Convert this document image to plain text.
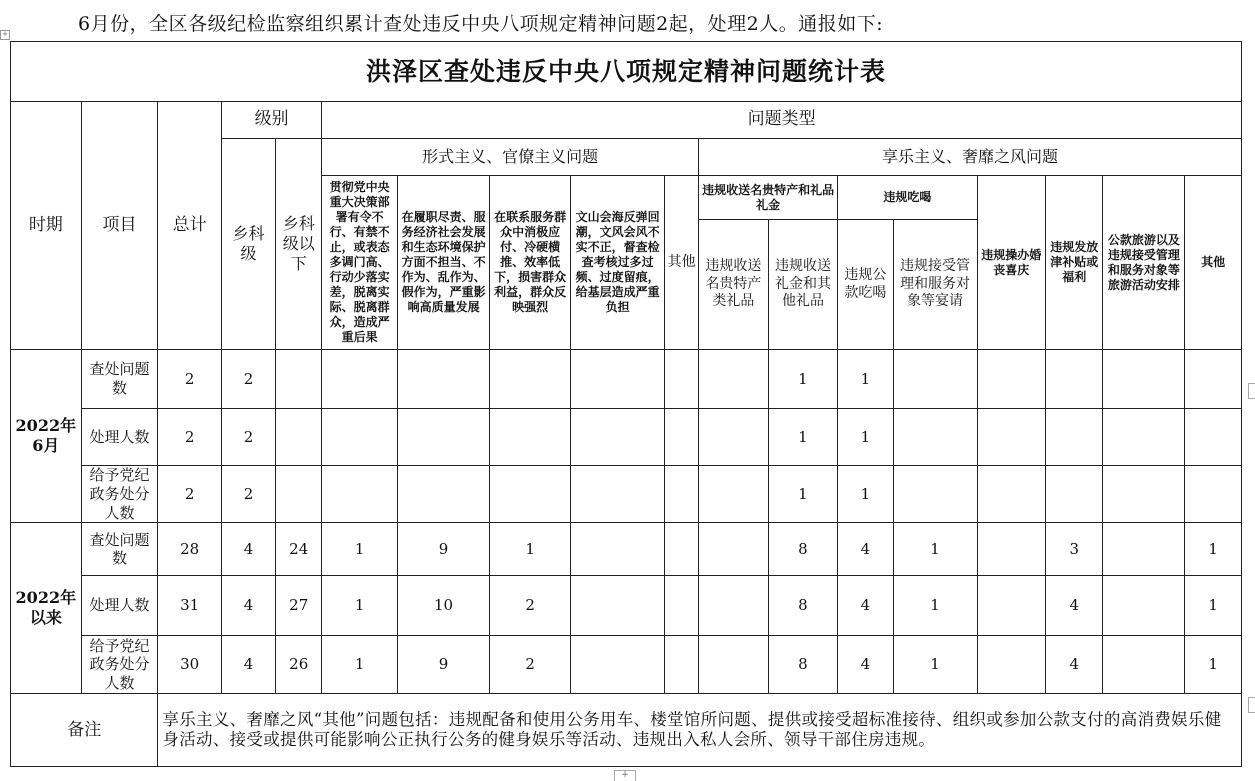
6月份，全区各级纪检监察组织累计查处违反中央八项规定精神问题2起，处理2人。通报如下:
+
+
洪泽区查处违反中央八项规定精神问题统计表																	
时期	项目	总计	级别		问题类型												
			乡科级	乡科级以下	形式主义、官僚主义问题					享乐主义、奢靡之风问题							
					贯彻党中央重大决策部署有令不行、有禁不止，或表态多调门高、行动少落实差，脱离实际、脱离群众，造成严重后果	在履职尽责、服务经济社会发展和生态环境保护方面不担当、不作为、乱作为、假作为，严重影响高质量发展	在联系服务群众中消极应付、冷硬横推、效率低下，损害群众利益，群众反映强烈	文山会海反弹回潮，文风会风不实不正，督查检查考核过多过频、过度留痕，给基层造成严重负担	其他	违规收送名贵特产和礼品礼金		违规吃喝		违规操办婚丧喜庆	违规发放津补贴或福利	公款旅游以及违规接受管理和服务对象等旅游活动安排	其他
										违规收送名贵特产类礼品	违规收送礼金和其他礼品	违规公款吃喝	违规接受管理和服务对象等宴请				
2022年6月	查处问题数	2	2								1	1					
	处理人数	2	2								1	1					
	给予党纪政务处分人数	2	2								1	1					
2022年以来	查处问题数	28	4	24	1	9	1				8	4	1		3		1
	处理人数	31	4	27	1	10	2				8	4	1		4		1
	给予党纪政务处分人数	30	4	26	1	9	2				8	4	1		4		1
备注		享乐主义、奢靡之风“其他”问题包括：违规配备和使用公务用车、楼堂馆所问题、提供或接受超标准接待、组织或参加公款支付的高消费娱乐健身活动、接受或提供可能影响公正执行公务的健身娱乐等活动、违规出入私人会所、领导干部住房违规。															
